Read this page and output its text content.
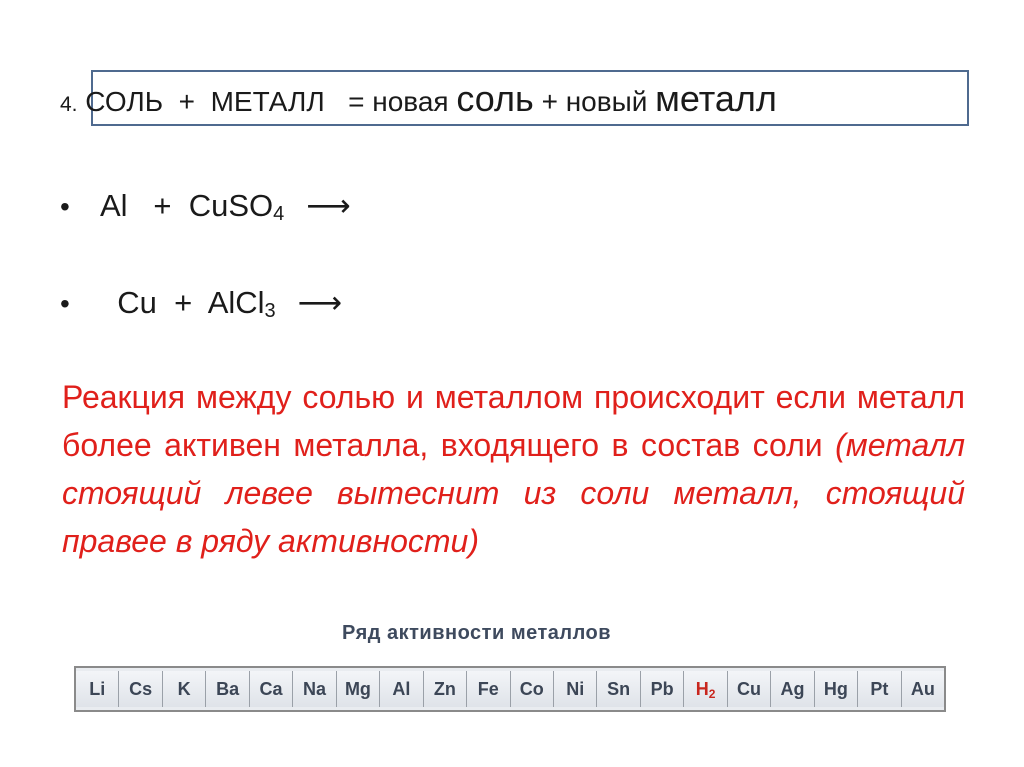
4. СОЛЬ  +  МЕТАЛЛ   = новая соль + новый металл
• Al   +  CuSO$_4$ ⟶
• Cu  +  AlCl$_3$ ⟶

Реакция между солью и металлом происходит если металл более активен металла, входящего в состав соли (металл стоящий левее вытеснит из соли металл, стоящий правее в ряду активности)

Ряд активности металлов
Li Cs K Ba Ca Na Mg Al Zn Fe Co Ni Sn Pb H 2 Cu Ag Hg Pt Au
